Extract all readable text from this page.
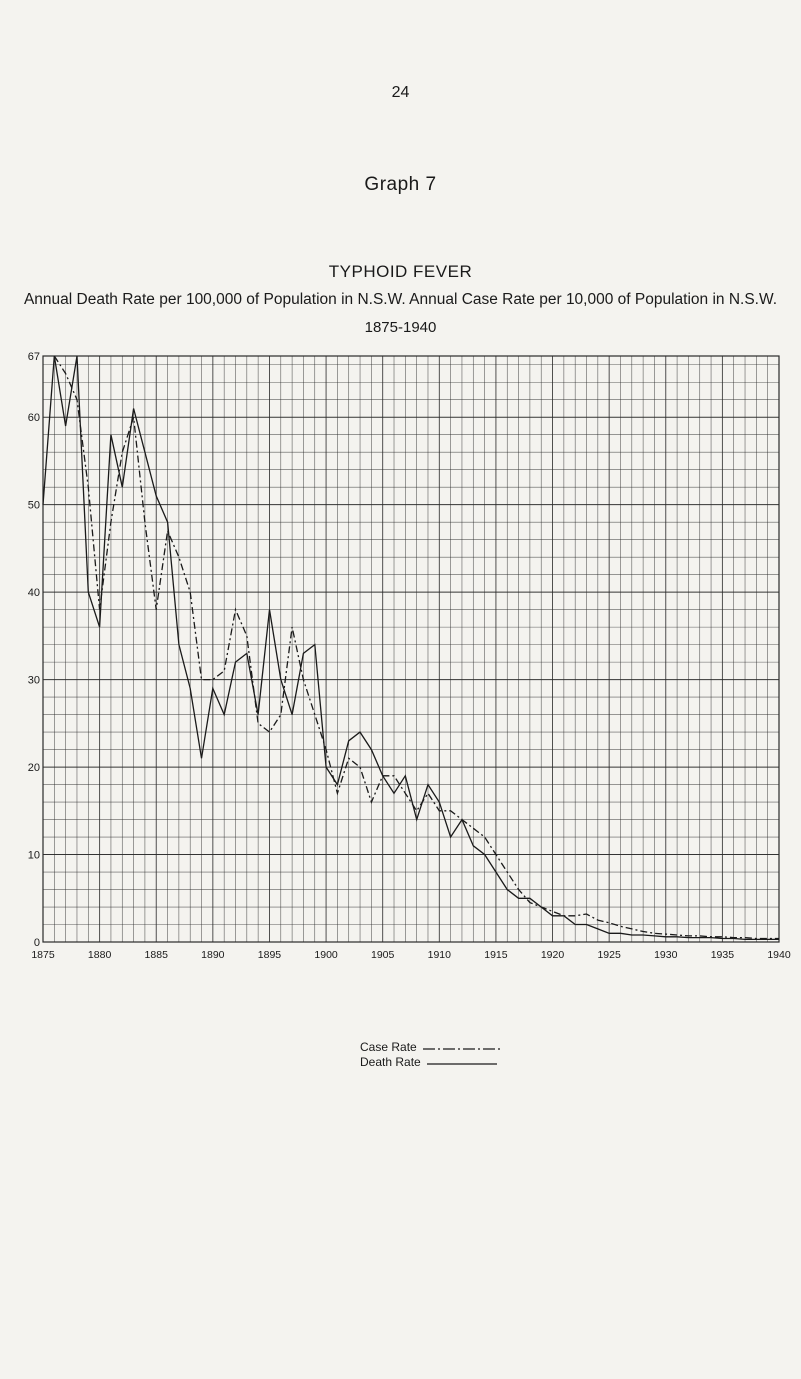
24
Graph 7
TYPHOID FEVER
Annual Death Rate per 100,000 of Population in N.S.W. Annual Case Rate per 10,000 of Population in N.S.W.
1875-1940
1875	1880	1885	1890	1895	1900	1905	1910	1915	1920	1925	1930	1935	1940
0
10
20
30
40
50
60
67
Case Rate
Death Rate
